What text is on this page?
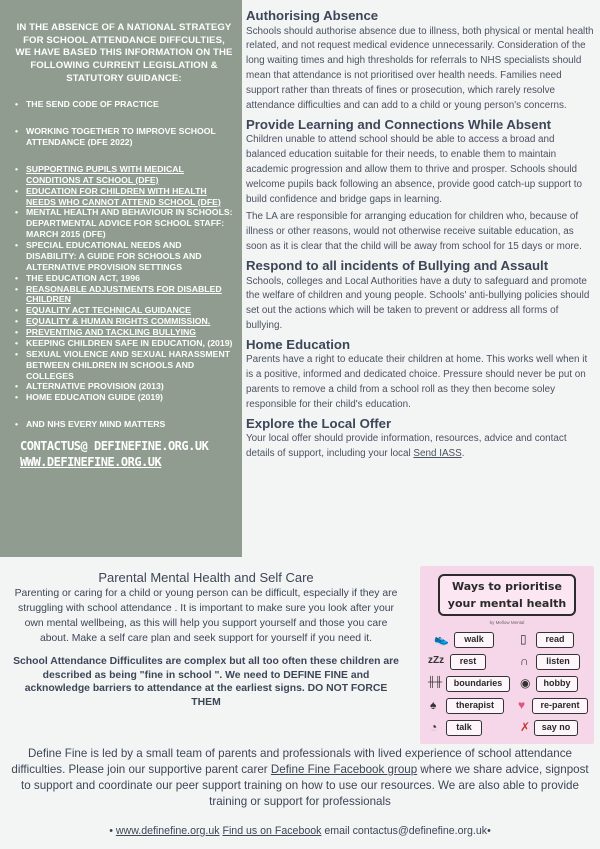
IN THE ABSENCE OF A NATIONAL STRATEGY FOR SCHOOL ATTENDANCE DIFFCULTIES, WE HAVE BASED THIS INFORMATION ON THE FOLLOWING CURRENT LEGISLATION & STATUTORY GUIDANCE:

• THE SEND CODE OF PRACTICE
• WORKING TOGETHER TO IMPROVE SCHOOL ATTENDANCE (DFE 2022)
• SUPPORTING PUPILS WITH MEDICAL CONDITIONS AT SCHOOL (DFE)
• EDUCATION FOR CHILDREN WITH HEALTH NEEDS WHO CANNOT ATTEND SCHOOL (DFE)
• MENTAL HEALTH AND BEHAVIOUR IN SCHOOLS: DEPARTMENTAL ADVICE FOR SCHOOL STAFF: MARCH 2015 (DFE)
• SPECIAL EDUCATIONAL NEEDS AND DISABILITY: A GUIDE FOR SCHOOLS AND ALTERNATIVE PROVISION SETTINGS
• THE EDUCATION ACT, 1996
• REASONABLE ADJUSTMENTS FOR DISABLED CHILDREN
• EQUALITY ACT TECHNICAL GUIDANCE
• EQUALITY & HUMAN RIGHTS COMMISSION.
• PREVENTING AND TACKLING BULLYING
• KEEPING CHILDREN SAFE IN EDUCATION, (2019)
• SEXUAL VIOLENCE AND SEXUAL HARASSMENT BETWEEN CHILDREN IN SCHOOLS AND COLLEGES
• ALTERNATIVE PROVISION (2013)
• HOME EDUCATION GUIDE (2019)
• AND NHS EVERY MIND MATTERS
CONTACTUS@ DEFINEFINE.ORG.UK
WWW.DEFINEFINE.ORG.UK
Authorising Absence

Schools should authorise absence due to illness, both physical or mental health related, and not request medical evidence unnecessarily. Consideration of the long waiting times and high thresholds for referrals to NHS specialists should mean that attendance is not prioritised over health needs. Families need support rather than threats of fines or prosecution, which rarely resolve attendance difficulties and can add to a child or young person's concerns.

Provide Learning and Connections While Absent

Children unable to attend school should be able to access a broad and balanced education suitable for their needs, to enable them to maintain academic progression and allow them to thrive and prosper. Schools should welcome pupils back following an absence, provide good catch-up support to build confidence and bridge gaps in learning.

The LA are responsible for arranging education for children who, because of illness or other reasons, would not otherwise receive suitable education, as soon as it is clear that the child will be away from school for 15 days or more.

Respond to all incidents of Bullying and Assault

Schools, colleges and Local Authorities have a duty to safeguard and promote the welfare of children and young people. Schools' anti-bullying policies should set out the actions which will be taken to prevent or address all forms of bullying.

Home Education

Parents have a right to educate their children at home. This works well when it is a positive, informed and dedicated choice. Pressure should never be put on parents to remove a child from a school roll as they then become soley responsible for their child's education.

Explore the Local Offer

Your local offer should provide information, resources, advice and contact details of support, including your local Send IASS.

Parental Mental Health and Self Care

Parenting or caring for a child or young person can be difficult, especially if they are struggling with school attendance . It is important to make sure you look after your own mental wellbeing, as this will help you support yourself and those you care about. Make a self care plan and seek support for yourself if you need it.

School Attendance Difficulites are complex but all too often these children are described as being "fine in school ". We need to DEFINE FINE and acknowledge barriers to attendance at the earliest signs. DO NOT FORCE THEM

Ways to prioritise your mental health
by Mellow Mental
👟	walk	▯	read
zZz	rest	∩	listen
╫╫	boundaries	◉	hobby
♠	therapist	♥	re-parent
◔	talk	✗	say no
Define Fine is led by a small team of parents and professionals with lived experience of school attendance difficulties. Please join our supportive parent carer Define Fine Facebook group where we share advice, signpost to support and coordinate our peer support training on how to use our resources. We are also able to provide training or support for professionals
• www.definefine.org.uk Find us on Facebook email contactus@definefine.org.uk•
